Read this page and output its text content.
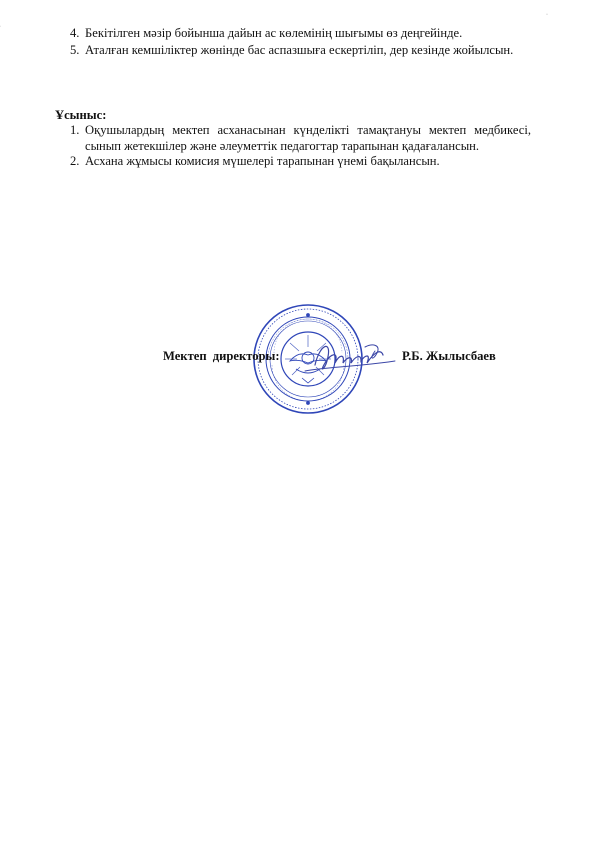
4. Бекітілген мәзір бойынша дайын ас көлемінің шығымы өз деңгейінде.
5. Аталған кемшіліктер жөнінде бас аспазшыға ескертіліп, дер кезінде жойылсын.
Ұсыныс:
1. Оқушылардың мектеп асханасынан күнделікті тамақтануы мектеп медбикесі, сынып жетекшілер және әлеуметтік педагогтар тарапынан қадағалансын.
2. Асхана жұмысы комисия мүшелері тарапынан үнемі бақылансын.
Мектеп директоры:	Р.Б. Жылысбаев
·
